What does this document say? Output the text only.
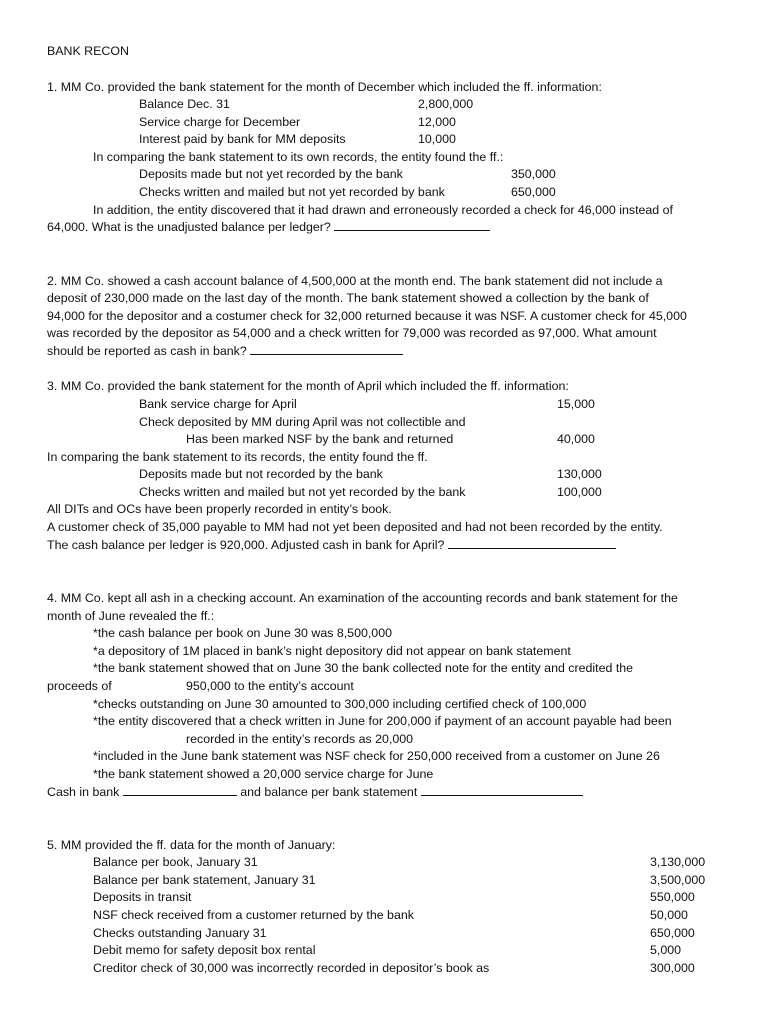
BANK RECON
1. MM Co. provided the bank statement for the month of December which included the ff. information:
Balance Dec. 31	2,800,000
Service charge for December	12,000
Interest paid by bank for MM deposits	10,000
In comparing the bank statement to its own records, the entity found the ff.:
Deposits made but not yet recorded by the bank	350,000
Checks written and mailed but not yet recorded by bank	650,000
In addition, the entity discovered that it had drawn and erroneously recorded a check for 46,000 instead of
64,000. What is the unadjusted balance per ledger?
2. MM Co. showed a cash account balance of 4,500,000 at the month end. The bank statement did not include a
deposit of 230,000 made on the last day of the month. The bank statement showed a collection by the bank of
94,000 for the depositor and a costumer check for 32,000 returned because it was NSF. A customer check for 45,000
was recorded by the depositor as 54,000 and a check written for 79,000 was recorded as 97,000. What amount
should be reported as cash in bank?
3. MM Co. provided the bank statement for the month of April which included the ff. information:
Bank service charge for April	15,000
Check deposited by MM during April was not collectible and
Has been marked NSF by the bank and returned	40,000
In comparing the bank statement to its records, the entity found the ff.
Deposits made but not recorded by the bank	130,000
Checks written and mailed but not yet recorded by the bank	100,000
All DITs and OCs have been properly recorded in entity’s book.
A customer check of 35,000 payable to MM had not yet been deposited and had not been recorded by the entity.
The cash balance per ledger is 920,000. Adjusted cash in bank for April?
4. MM Co. kept all ash in a checking account. An examination of the accounting records and bank statement for the
month of June revealed the ff.:
*the cash balance per book on June 30 was 8,500,000
*a depository of 1M placed in bank’s night depository did not appear on bank statement
*the bank statement showed that on June 30 the bank collected note for the entity and credited the
proceeds of	950,000 to the entity’s account
*checks outstanding on June 30 amounted to 300,000 including certified check of 100,000
*the entity discovered that a check written in June for 200,000 if payment of an account payable had been
recorded in the entity’s records as 20,000
*included in the June bank statement was NSF check for 250,000 received from a customer on June 26
*the bank statement showed a 20,000 service charge for June
Cash in bank	and balance per bank statement
5. MM provided the ff. data for the month of January:
Balance per book, January 31	3,130,000
Balance per bank statement, January 31	3,500,000
Deposits in transit	550,000
NSF check received from a customer returned by the bank	50,000
Checks outstanding January 31	650,000
Debit memo for safety deposit box rental	5,000
Creditor check of 30,000 was incorrectly recorded in depositor’s book as	300,000
